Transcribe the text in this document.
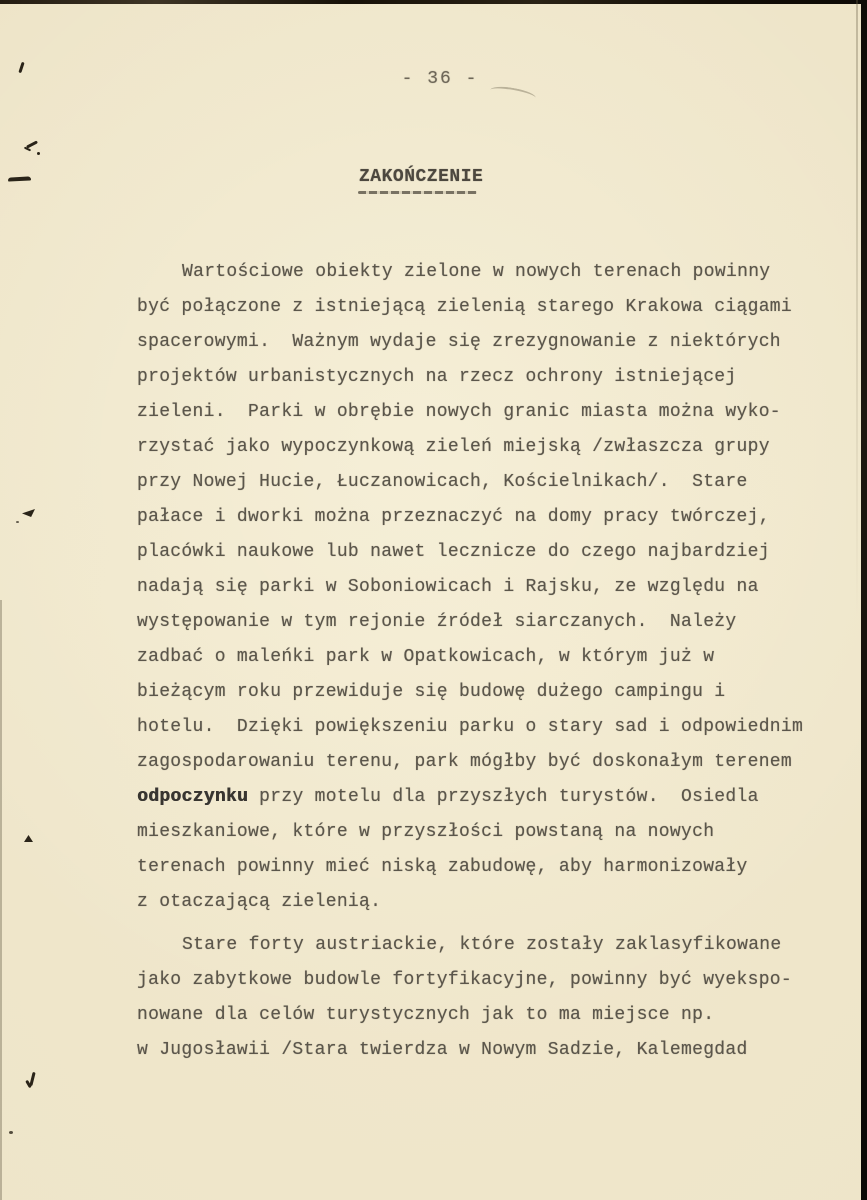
- 36 -
ZAKOŃCZENIE
Wartościowe obiekty zielone w nowych terenach powinny
być połączone z istniejącą zielenią starego Krakowa ciągami
spacerowymi.  Ważnym wydaje się zrezygnowanie z niektórych
projektów urbanistycznych na rzecz ochrony istniejącej
zieleni.  Parki w obrębie nowych granic miasta można wyko-
rzystać jako wypoczynkową zieleń miejską /zwłaszcza grupy
przy Nowej Hucie, Łuczanowicach, Kościelnikach/.  Stare
pałace i dworki można przeznaczyć na domy pracy twórczej,
placówki naukowe lub nawet lecznicze do czego najbardziej
nadają się parki w Soboniowicach i Rajsku, ze względu na
występowanie w tym rejonie źródeł siarczanych.  Należy
zadbać o maleńki park w Opatkowicach, w którym już w
bieżącym roku przewiduje się budowę dużego campingu i
hotelu.  Dzięki powiększeniu parku o stary sad i odpowiednim
zagospodarowaniu terenu, park mógłby być doskonałym terenem
odpoczynku przy motelu dla przyszłych turystów.  Osiedla
mieszkaniowe, które w przyszłości powstaną na nowych
terenach powinny mieć niską zabudowę, aby harmonizowały
z otaczającą zielenią.
Stare forty austriackie, które zostały zaklasyfikowane
jako zabytkowe budowle fortyfikacyjne, powinny być wyekspo-
nowane dla celów turystycznych jak to ma miejsce np.
w Jugosławii /Stara twierdza w Nowym Sadzie, Kalemegdad
